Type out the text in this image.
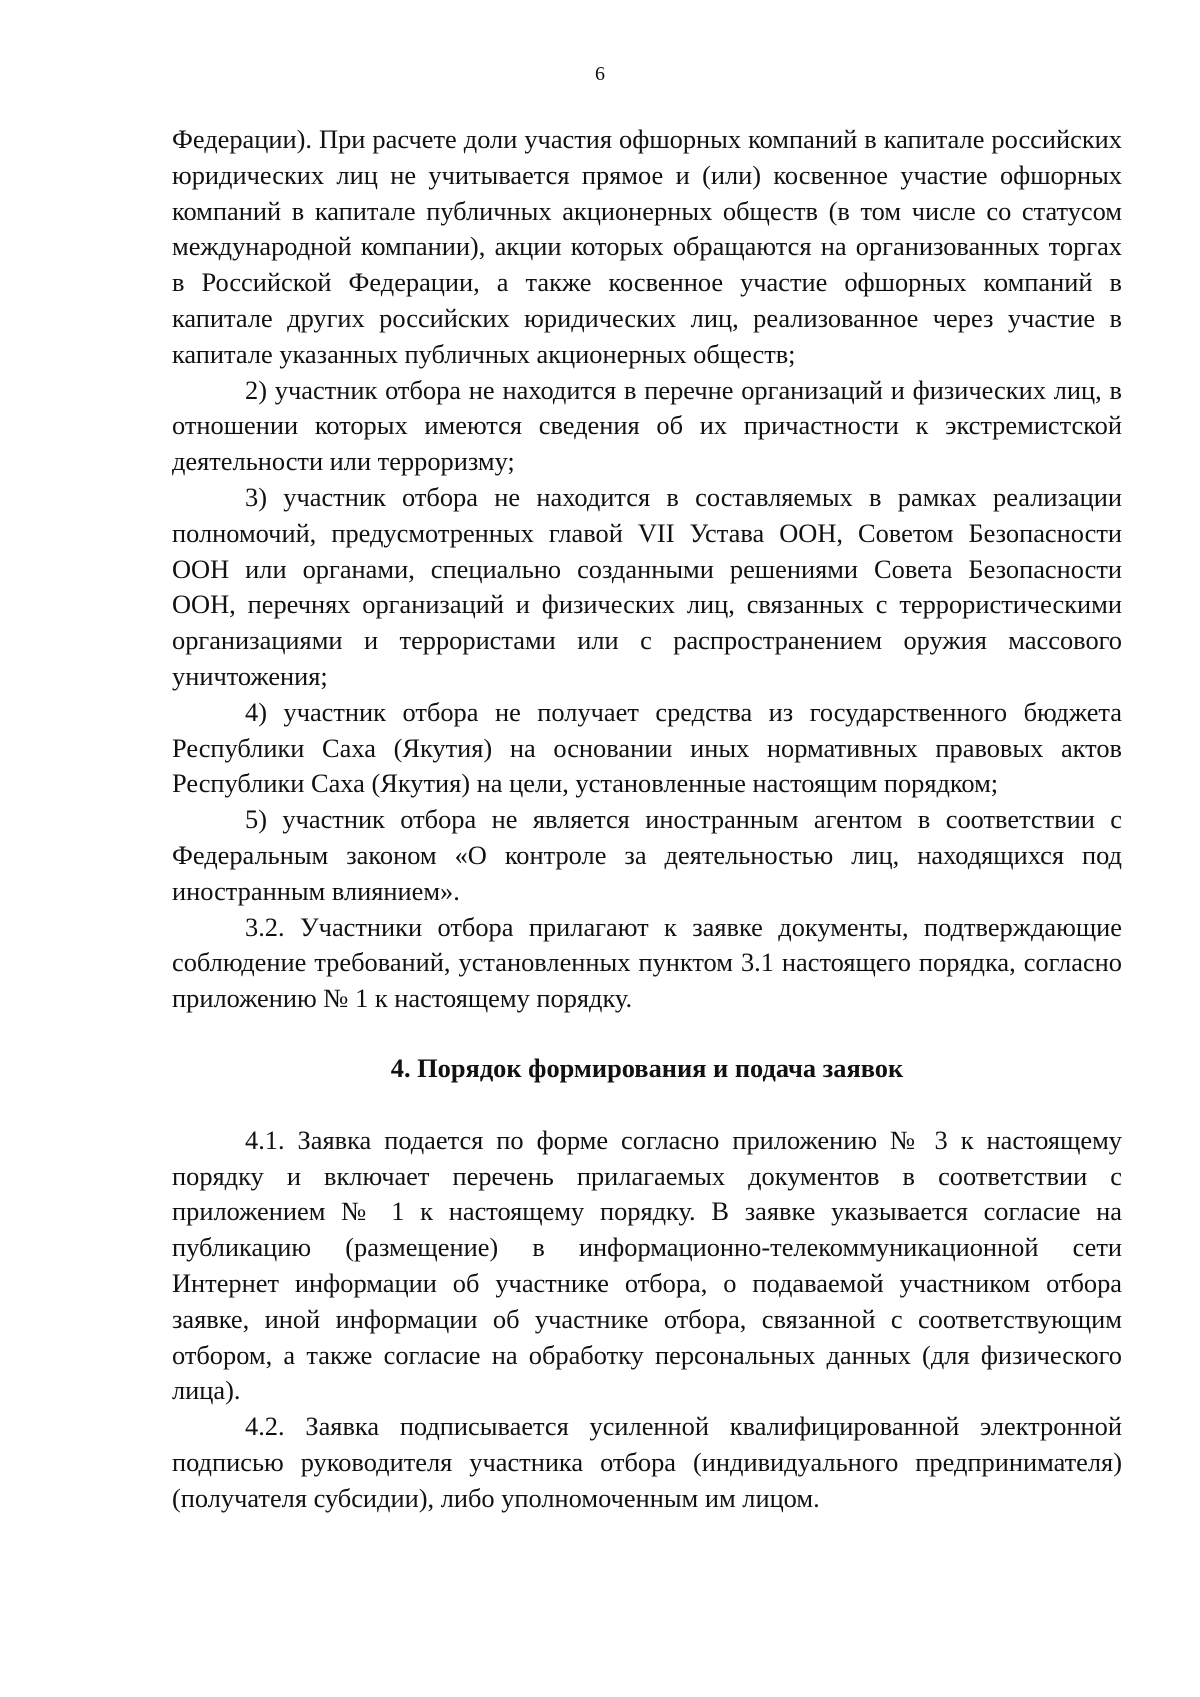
6

Федерации). При расчете доли участия офшорных компаний в капитале российских юридических лиц не учитывается прямое и (или) косвенное участие офшорных компаний в капитале публичных акционерных обществ (в том числе со статусом международной компании), акции которых обращаются на организованных торгах в Российской Федерации, а также косвенное участие офшорных компаний в капитале других российских юридических лиц, реализованное через участие в капитале указанных публичных акционерных обществ;

2) участник отбора не находится в перечне организаций и физических лиц, в отношении которых имеются сведения об их причастности к экстремистской деятельности или терроризму;

3) участник отбора не находится в составляемых в рамках реализации полномочий, предусмотренных главой VII Устава ООН, Советом Безопасности ООН или органами, специально созданными решениями Совета Безопасности ООН, перечнях организаций и физических лиц, связанных с террористическими организациями и террористами или с распространением оружия массового уничтожения;

4) участник отбора не получает средства из государственного бюджета Республики Саха (Якутия) на основании иных нормативных правовых актов Республики Саха (Якутия) на цели, установленные настоящим порядком;

5) участник отбора не является иностранным агентом в соответствии с Федеральным законом «О контроле за деятельностью лиц, находящихся под иностранным влиянием».

3.2. Участники отбора прилагают к заявке документы, подтверждающие соблюдение требований, установленных пунктом 3.1 настоящего порядка, согласно приложению № 1 к настоящему порядку.

4. Порядок формирования и подача заявок

4.1. Заявка подается по форме согласно приложению № 3 к настоящему порядку и включает перечень прилагаемых документов в соответствии с приложением № 1 к настоящему порядку. В заявке указывается согласие на публикацию (размещение) в информационно-телекоммуникационной сети Интернет информации об участнике отбора, о подаваемой участником отбора заявке, иной информации об участнике отбора, связанной с соответствующим отбором, а также согласие на обработку персональных данных (для физического лица).

4.2. Заявка подписывается усиленной квалифицированной электронной подписью руководителя участника отбора (индивидуального предпринимателя) (получателя субсидии), либо уполномоченным им лицом.
